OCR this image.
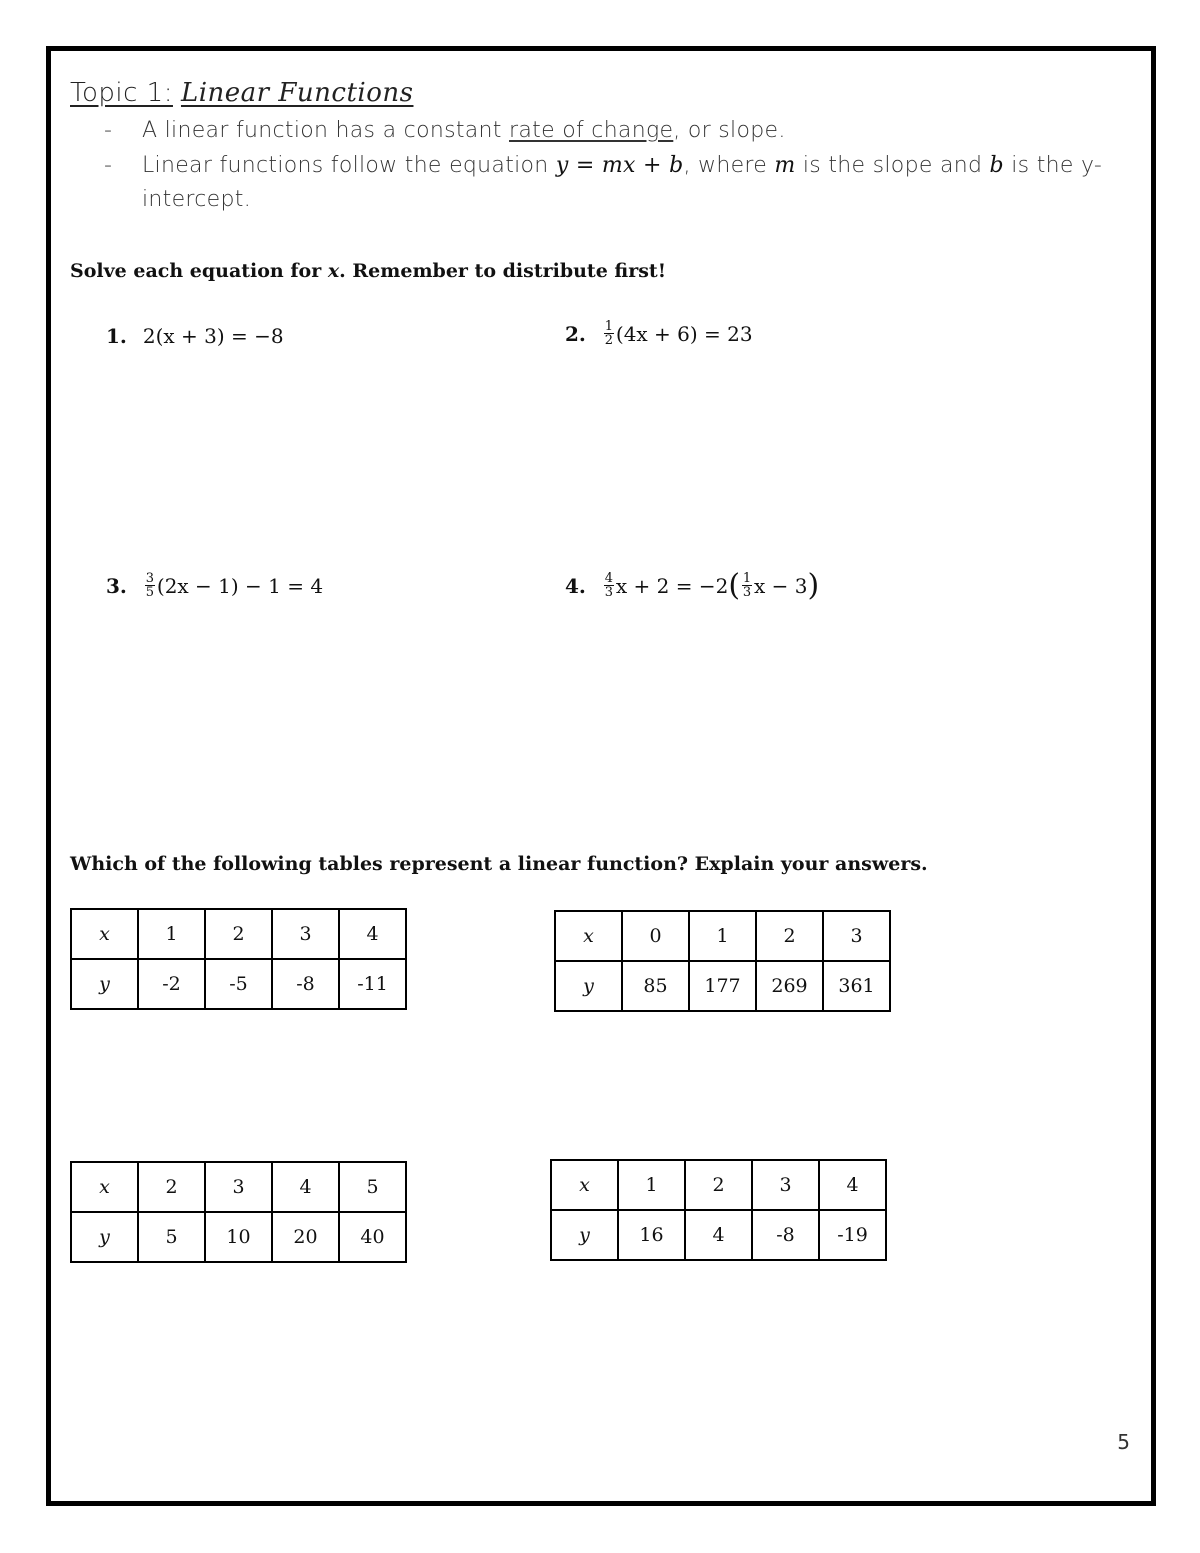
Topic 1: Linear Functions
- A linear function has a constant rate of change, or slope.
- Linear functions follow the equation y = mx + b, where m is the slope and b is the y-intercept.
Solve each equation for x. Remember to distribute first!
1. 2(x + 3) = −8	2. $\frac{1}{2} (4x + 6) = 23$
3. $\frac{3}{5} (2x - 1) - 1 = 4$	4. $\frac{4}{3}$ x + 2 = −2 ( $\frac{1}{3}$ x − 3 )
Which of the following tables represent a linear function? Explain your answers.
x	1	2	3	4
y	-2	-5	-8	-11
x	0	1	2	3
y	85	177	269	361
x	2	3	4	5
y	5	10	20	40
x	1	2	3	4
y	16	4	-8	-19
5
